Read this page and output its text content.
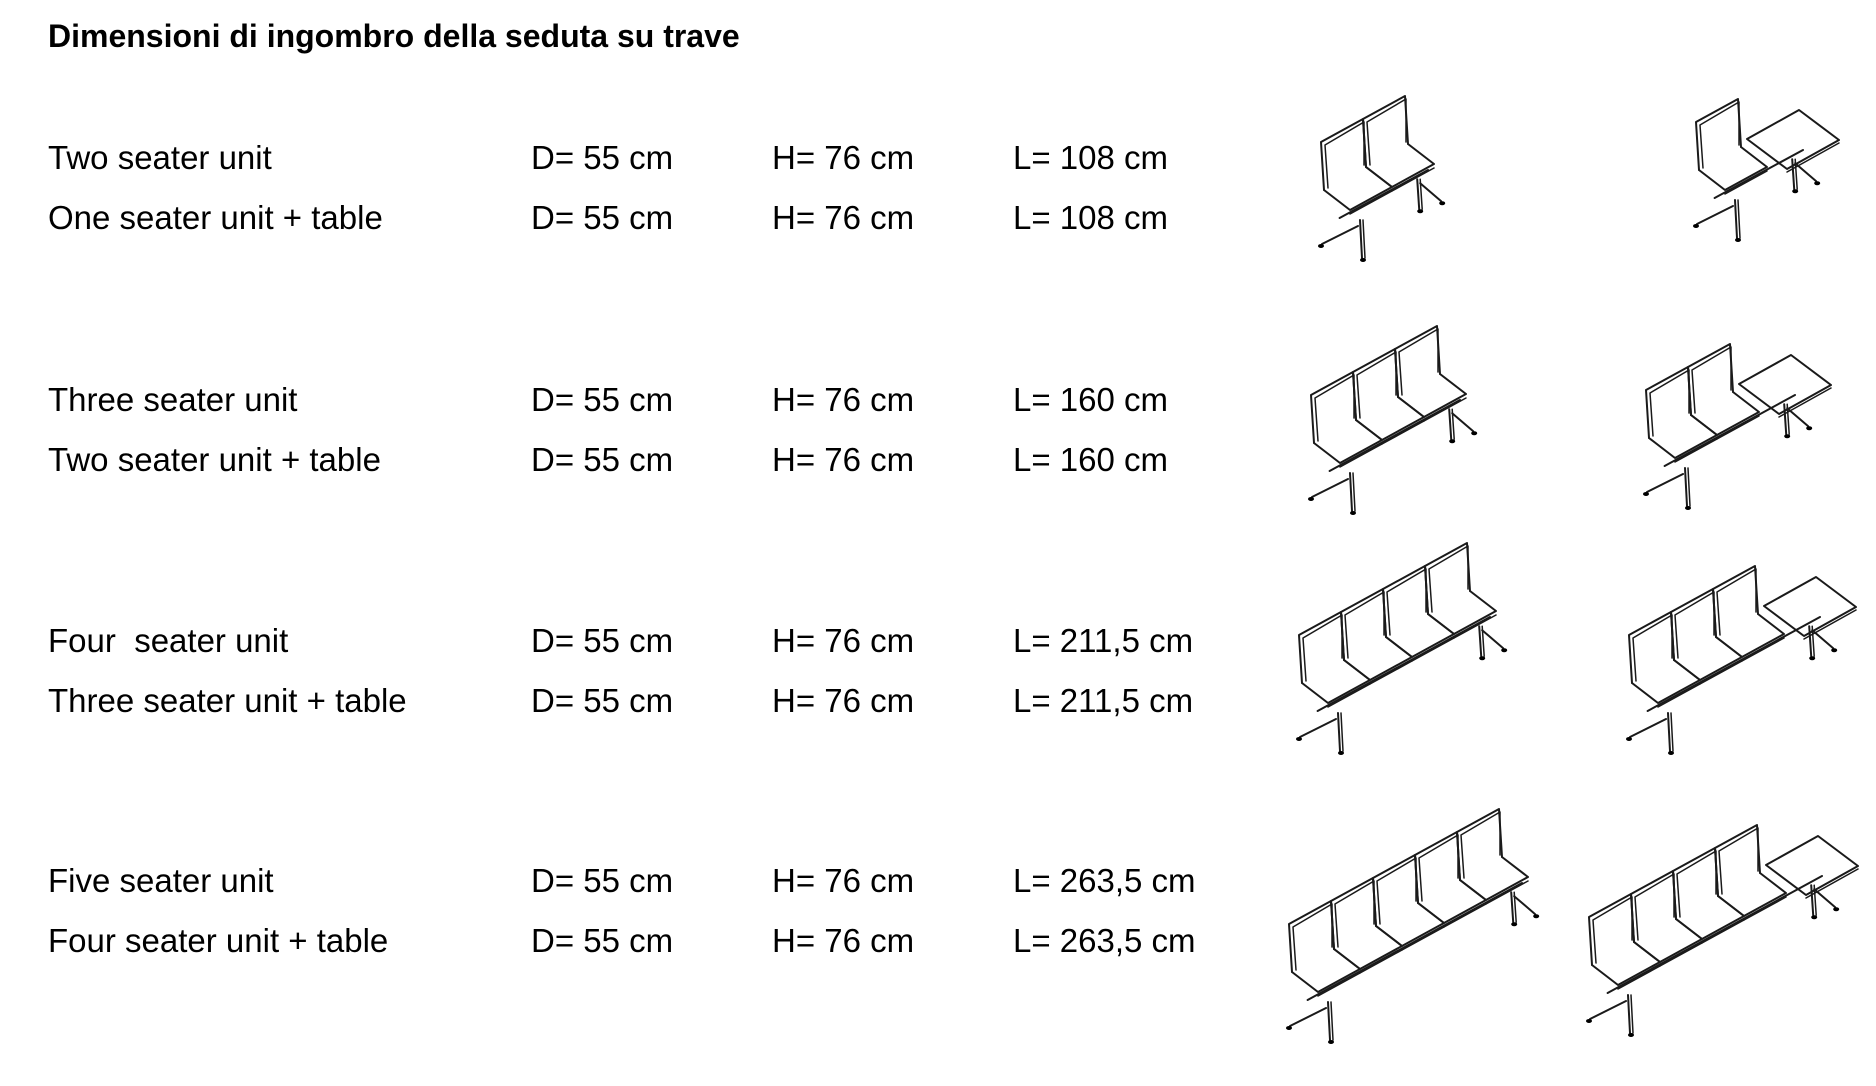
Dimensioni di ingombro della seduta su trave
Two seater unit	D= 55 cm	H= 76 cm	L= 108 cm
One seater unit + table	D= 55 cm	H= 76 cm	L= 108 cm
Three seater unit	D= 55 cm	H= 76 cm	L= 160 cm
Two seater unit + table	D= 55 cm	H= 76 cm	L= 160 cm
Four  seater unit	D= 55 cm	H= 76 cm	L= 211,5 cm
Three seater unit + table	D= 55 cm	H= 76 cm	L= 211,5 cm
Five seater unit	D= 55 cm	H= 76 cm	L= 263,5 cm
Four seater unit + table	D= 55 cm	H= 76 cm	L= 263,5 cm
